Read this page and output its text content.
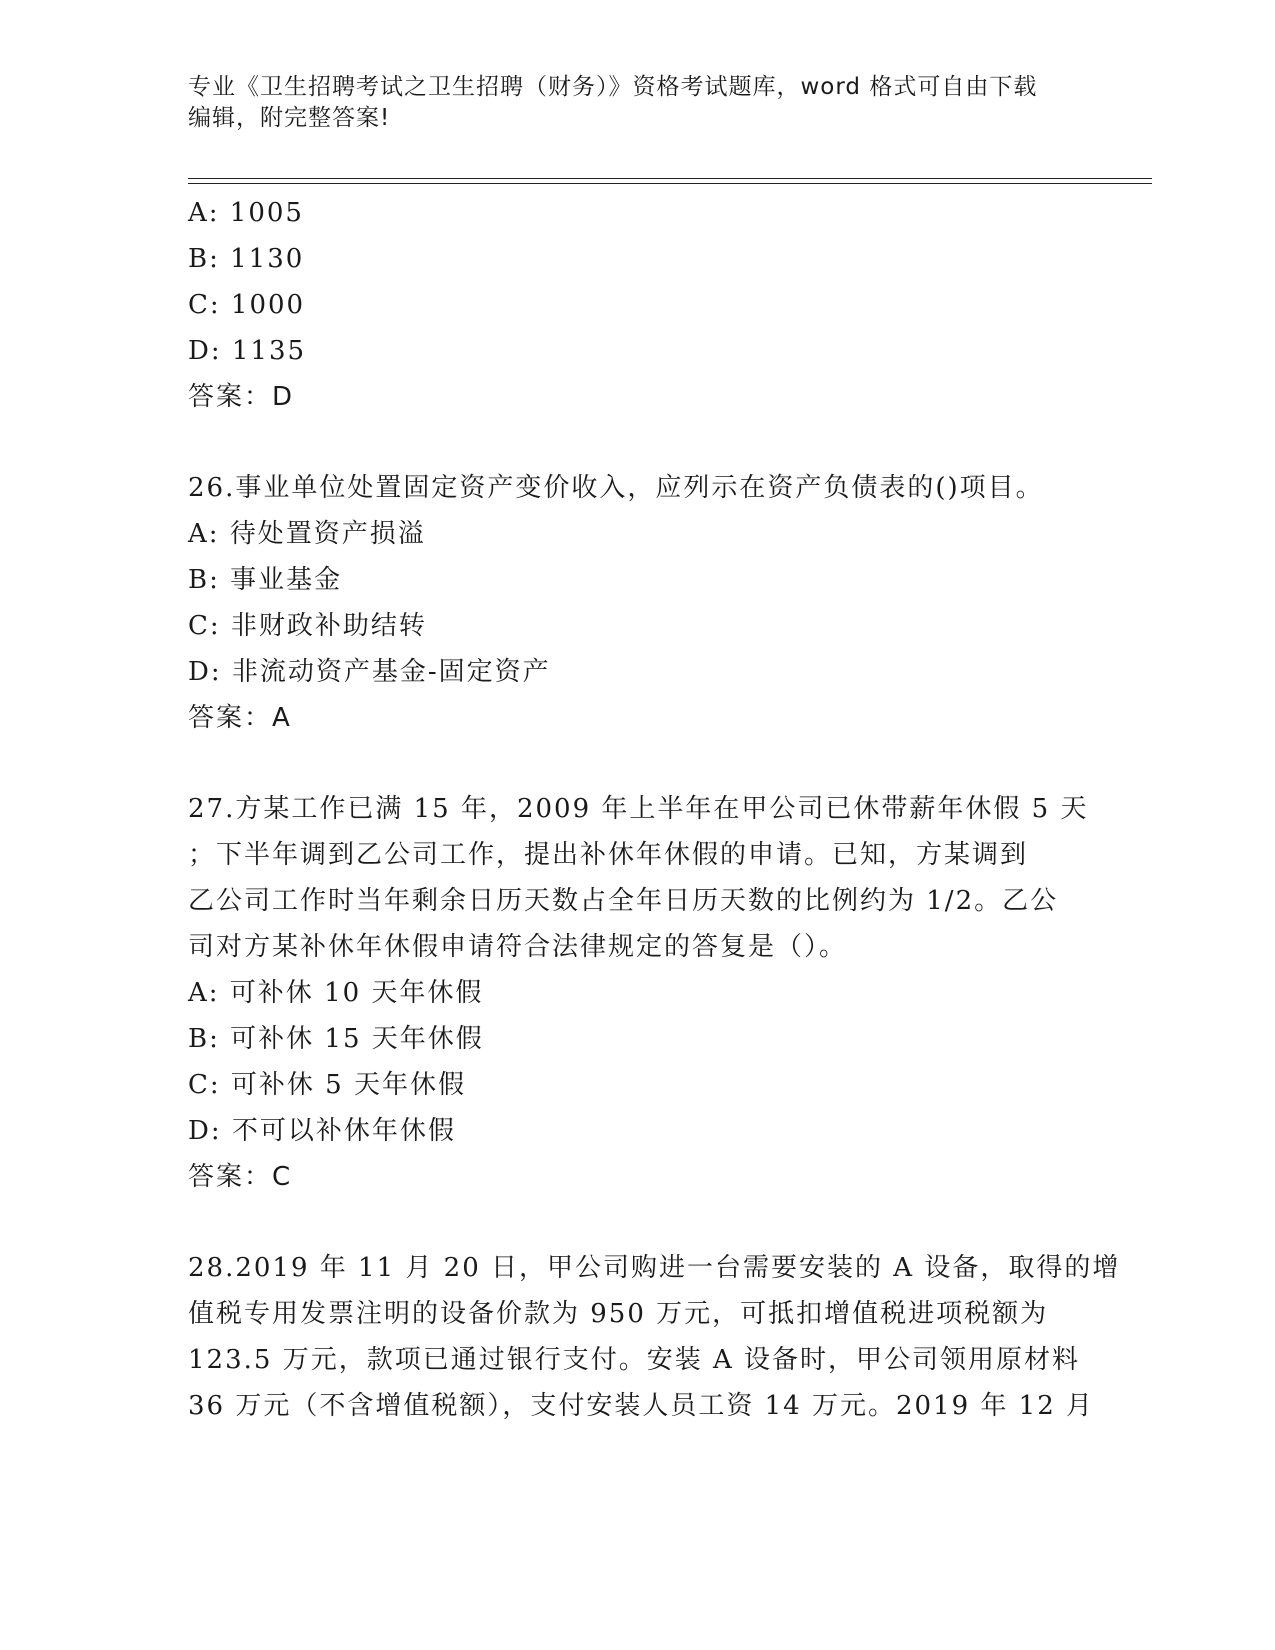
专业《卫生招聘考试之卫生招聘（财务）》资格考试题库，word 格式可自由下载
编辑，附完整答案!
A: 1005
B: 1130
C: 1000
D: 1135
答案：D
26.事业单位处置固定资产变价收入，应列示在资产负债表的()项目。
A: 待处置资产损溢
B: 事业基金
C: 非财政补助结转
D: 非流动资产基金-固定资产
答案：A
27.方某工作已满 15 年，2009 年上半年在甲公司已休带薪年休假 5 天
；下半年调到乙公司工作，提出补休年休假的申请。已知，方某调到
乙公司工作时当年剩余日历天数占全年日历天数的比例约为 1/2。乙公
司对方某补休年休假申请符合法律规定的答复是（）。
A: 可补休 10 天年休假
B: 可补休 15 天年休假
C: 可补休 5 天年休假
D: 不可以补休年休假
答案：C
28.2019 年 11 月 20 日，甲公司购进一台需要安装的 A 设备，取得的增
值税专用发票注明的设备价款为 950 万元，可抵扣增值税进项税额为
123.5 万元，款项已通过银行支付。安装 A 设备时，甲公司领用原材料
36 万元（不含增值税额），支付安装人员工资 14 万元。2019 年 12 月
